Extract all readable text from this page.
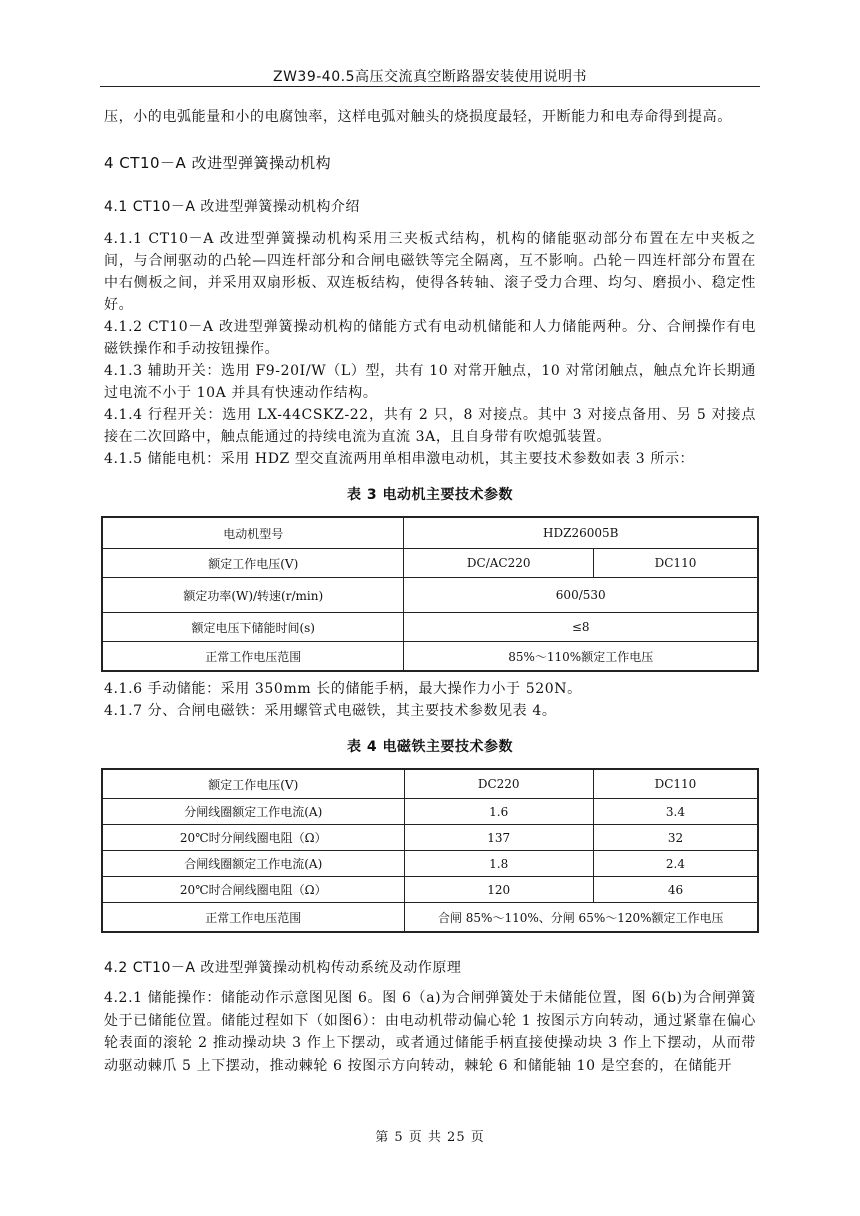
ZW39-40.5高压交流真空断路器安装使用说明书

压，小的电弧能量和小的电腐蚀率，这样电弧对触头的烧损度最轻，开断能力和电寿命得到提高。

4 CT10－A 改进型弹簧操动机构
4.1 CT10－A 改进型弹簧操动机构介绍

4.1.1 CT10－A 改进型弹簧操动机构采用三夹板式结构，机构的储能驱动部分布置在左中夹板之间，与合闸驱动的凸轮—四连杆部分和合闸电磁铁等完全隔离，互不影响。凸轮－四连杆部分布置在中右侧板之间，并采用双扇形板、双连板结构，使得各转轴、滚子受力合理、均匀、磨损小、稳定性好。

4.1.2 CT10－A 改进型弹簧操动机构的储能方式有电动机储能和人力储能两种。分、合闸操作有电磁铁操作和手动按钮操作。

4.1.3 辅助开关：选用 F9-20Ⅰ/W（L）型，共有 10 对常开触点，10 对常闭触点，触点允许长期通过电流不小于 10A 并具有快速动作结构。

4.1.4 行程开关：选用 LX-44CSKZ-22，共有 2 只，8 对接点。其中 3 对接点备用、另 5 对接点接在二次回路中，触点能通过的持续电流为直流 3A，且自身带有吹熄弧装置。

4.1.5 储能电机：采用 HDZ 型交直流两用单相串激电动机，其主要技术参数如表 3 所示：

表 3 电动机主要技术参数
电动机型号	HDZ26005B	
额定工作电压(V)	DC/AC220	DC110
额定功率(W)/转速(r/min)	600/530	
额定电压下储能时间(s)	≤8	
正常工作电压范围	85%～110%额定工作电压	

4.1.6 手动储能：采用 350mm 长的储能手柄，最大操作力小于 520N。

4.1.7 分、合闸电磁铁：采用螺管式电磁铁，其主要技术参数见表 4。

表 4 电磁铁主要技术参数
额定工作电压(V)	DC220	DC110
分闸线圈额定工作电流(A)	1.6	3.4
20℃时分闸线圈电阻（Ω）	137	32
合闸线圈额定工作电流(A)	1.8	2.4
20℃时合闸线圈电阻（Ω）	120	46
正常工作电压范围	合闸 85%～110%、分闸 65%～120%额定工作电压	
4.2 CT10－A 改进型弹簧操动机构传动系统及动作原理

4.2.1 储能操作：储能动作示意图见图 6。图 6（a)为合闸弹簧处于未储能位置，图 6(b)为合闸弹簧处于已储能位置。储能过程如下（如图6）：由电动机带动偏心轮 1 按图示方向转动，通过紧靠在偏心轮表面的滚轮 2 推动操动块 3 作上下摆动，或者通过储能手柄直接使操动块 3 作上下摆动，从而带动驱动棘爪 5 上下摆动，推动棘轮 6 按图示方向转动，棘轮 6 和储能轴 10 是空套的，在储能开

第 5 页 共 25 页
